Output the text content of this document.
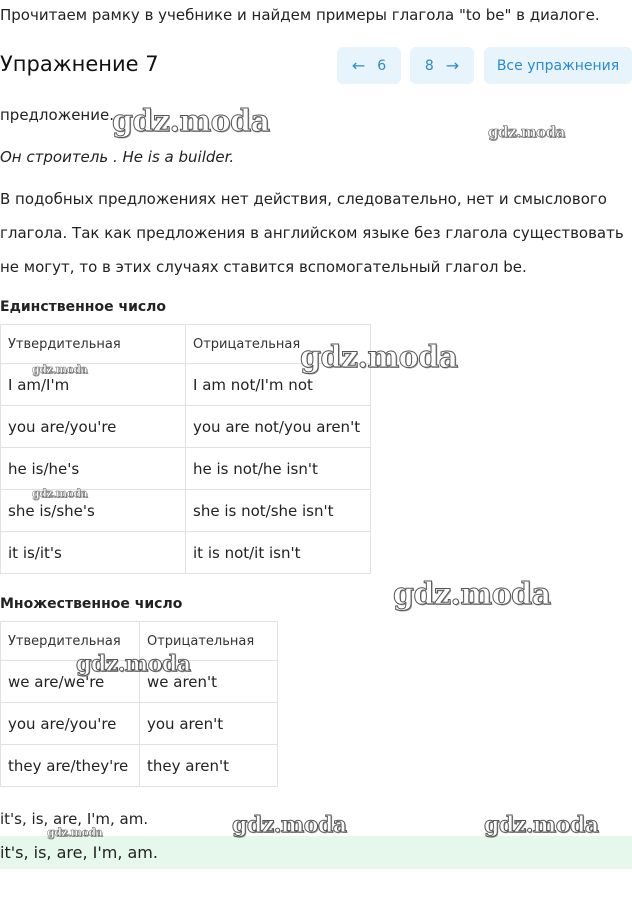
Прочитаем рамку в учебнике и найдем примеры глагола "to be" в диалоге.
Упражнение 7	← 6	8 →	Все упражнения
предложение.
Он строитель . He is a builder.
В подобных предложениях нет действия, следовательно, нет и смыслового
глагола. Так как предложения в английском языке без глагола существовать
не могут, то в этих случаях ставится вспомогательный глагол be.
Единственное число
Утвердительная	Отрицательная
I am/I'm	I am not/I'm not
you are/you're	you are not/you aren't
he is/he's	he is not/he isn't
she is/she's	she is not/she isn't
it is/it's	it is not/it isn't
Множественное число
Утвердительная	Отрицательная
we are/we're	we aren't
you are/you're	you aren't
they are/they're	they aren't
it's, is, are, I'm, am.
it's, is, are, I'm, am.
gdz.moda	gdz.moda
gdz.moda
gdz.moda
gdz.moda
gdz.moda
gdz.moda
gdz.moda	gdz.moda
gdz.moda
